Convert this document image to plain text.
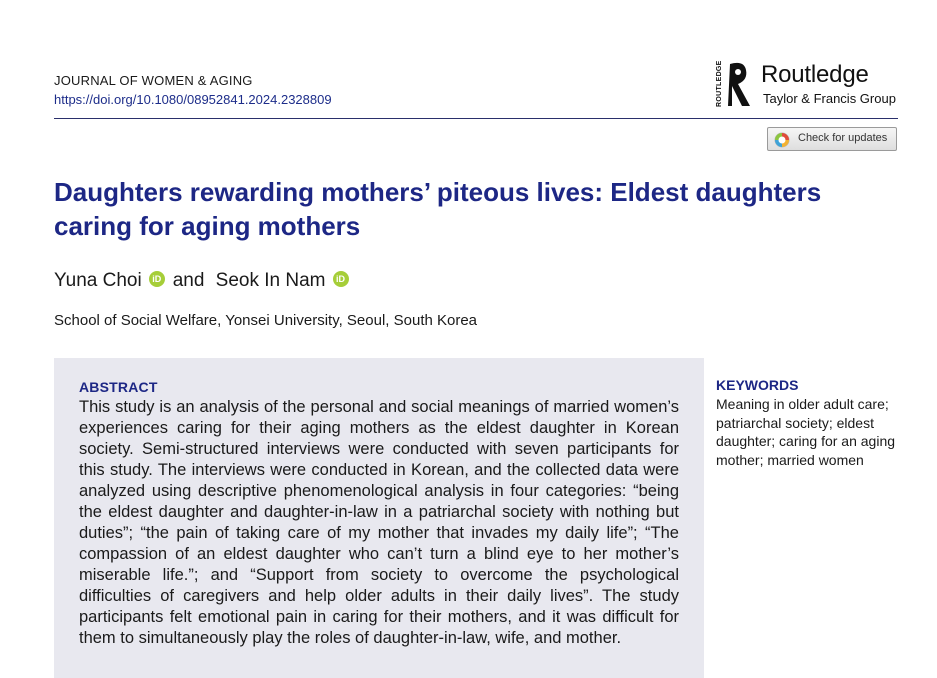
JOURNAL OF WOMEN & AGING
https://doi.org/10.1080/08952841.2024.2328809	ROUTLEDGE Routledge
Taylor & Francis Group
Check for updates
Daughters rewarding mothers’ piteous lives: Eldest daughters caring for aging mothers
Yuna Choi	iD and Seok In Nam	iD
School of Social Welfare, Yonsei University, Seoul, South Korea
ABSTRACT

This study is an analysis of the personal and social meanings of married women’s experiences caring for their aging mothers as the eldest daughter in Korean society. Semi-structured interviews were conducted with seven participants for this study. The interviews were conducted in Korean, and the collected data were analyzed using descriptive phenomenological analysis in four categories: “being the eldest daughter and daughter-in-law in a patriarchal society with nothing but duties”; “the pain of taking care of my mother that invades my daily life”; “The compassion of an eldest daughter who can’t turn a blind eye to her mother’s miserable life.”; and “Support from society to overcome the psychological difficulties of caregivers and help older adults in their daily lives”. The study participants felt emotional pain in caring for their mothers, and it was difficult for them to simultaneously play the roles of daughter-in-law, wife, and mother.

KEYWORDS

Meaning in older adult care; patriarchal society; eldest daughter; caring for an aging mother; married women
